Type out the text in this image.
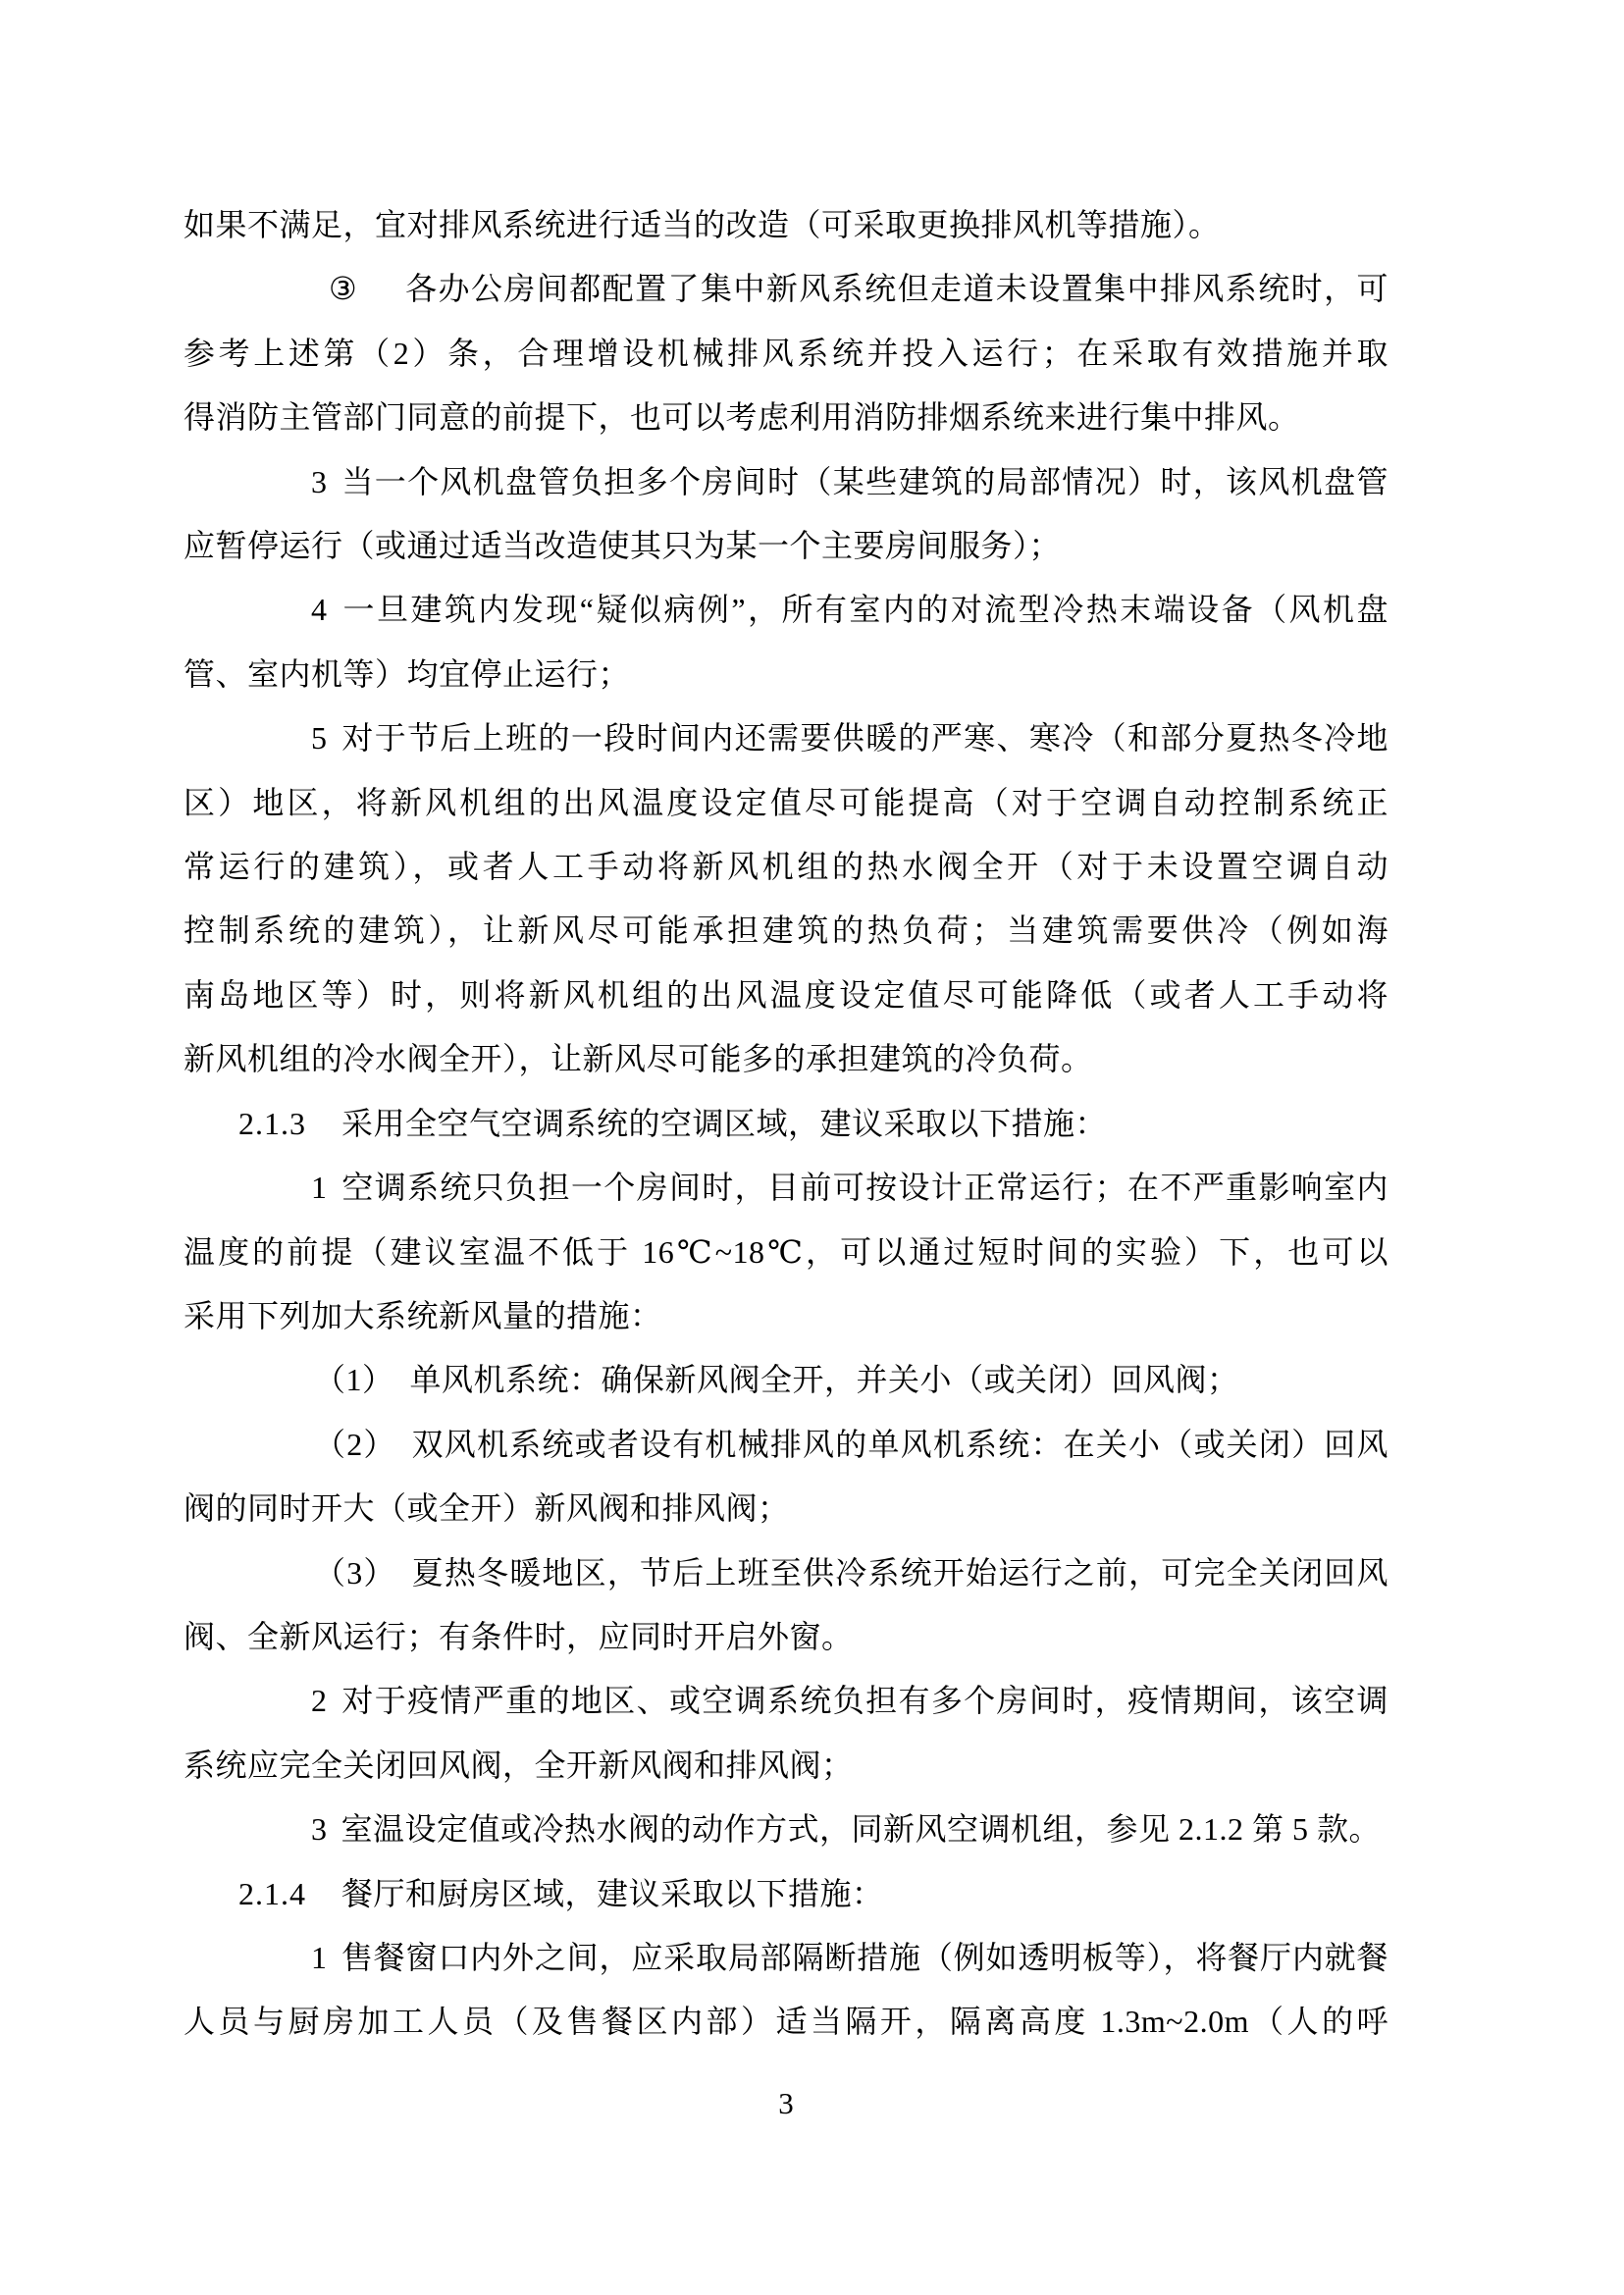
如果不满足，宜对排风系统进行适当的改造（可采取更换排风机等措施）。
③ 各办公房间都配置了集中新风系统但走道未设置集中排风系统时，可
参考上述第（2）条，合理增设机械排风系统并投入运行；在采取有效措施并取
得消防主管部门同意的前提下，也可以考虑利用消防排烟系统来进行集中排风。
3 当一个风机盘管负担多个房间时（某些建筑的局部情况）时，该风机盘管
应暂停运行（或通过适当改造使其只为某一个主要房间服务）；
4 一旦建筑内发现“疑似病例”，所有室内的对流型冷热末端设备（风机盘
管、室内机等）均宜停止运行；
5 对于节后上班的一段时间内还需要供暖的严寒、寒冷（和部分夏热冬冷地
区）地区，将新风机组的出风温度设定值尽可能提高（对于空调自动控制系统正
常运行的建筑），或者人工手动将新风机组的热水阀全开（对于未设置空调自动
控制系统的建筑），让新风尽可能承担建筑的热负荷；当建筑需要供冷（例如海
南岛地区等）时，则将新风机组的出风温度设定值尽可能降低（或者人工手动将
新风机组的冷水阀全开），让新风尽可能多的承担建筑的冷负荷。
2.1.3 采用全空气空调系统的空调区域，建议采取以下措施：
1 空调系统只负担一个房间时，目前可按设计正常运行；在不严重影响室内
温度的前提（建议室温不低于 16℃~18℃，可以通过短时间的实验）下，也可以
采用下列加大系统新风量的措施：
（1） 单风机系统：确保新风阀全开，并关小（或关闭）回风阀；
（2） 双风机系统或者设有机械排风的单风机系统：在关小（或关闭）回风
阀的同时开大（或全开）新风阀和排风阀；
（3） 夏热冬暖地区，节后上班至供冷系统开始运行之前，可完全关闭回风
阀、全新风运行；有条件时，应同时开启外窗。
2 对于疫情严重的地区、或空调系统负担有多个房间时，疫情期间，该空调
系统应完全关闭回风阀，全开新风阀和排风阀；
3 室温设定值或冷热水阀的动作方式，同新风空调机组，参见 2.1.2 第 5 款。
2.1.4 餐厅和厨房区域，建议采取以下措施：
1 售餐窗口内外之间，应采取局部隔断措施（例如透明板等），将餐厅内就餐
人员与厨房加工人员（及售餐区内部）适当隔开，隔离高度 1.3m~2.0m（人的呼
3
